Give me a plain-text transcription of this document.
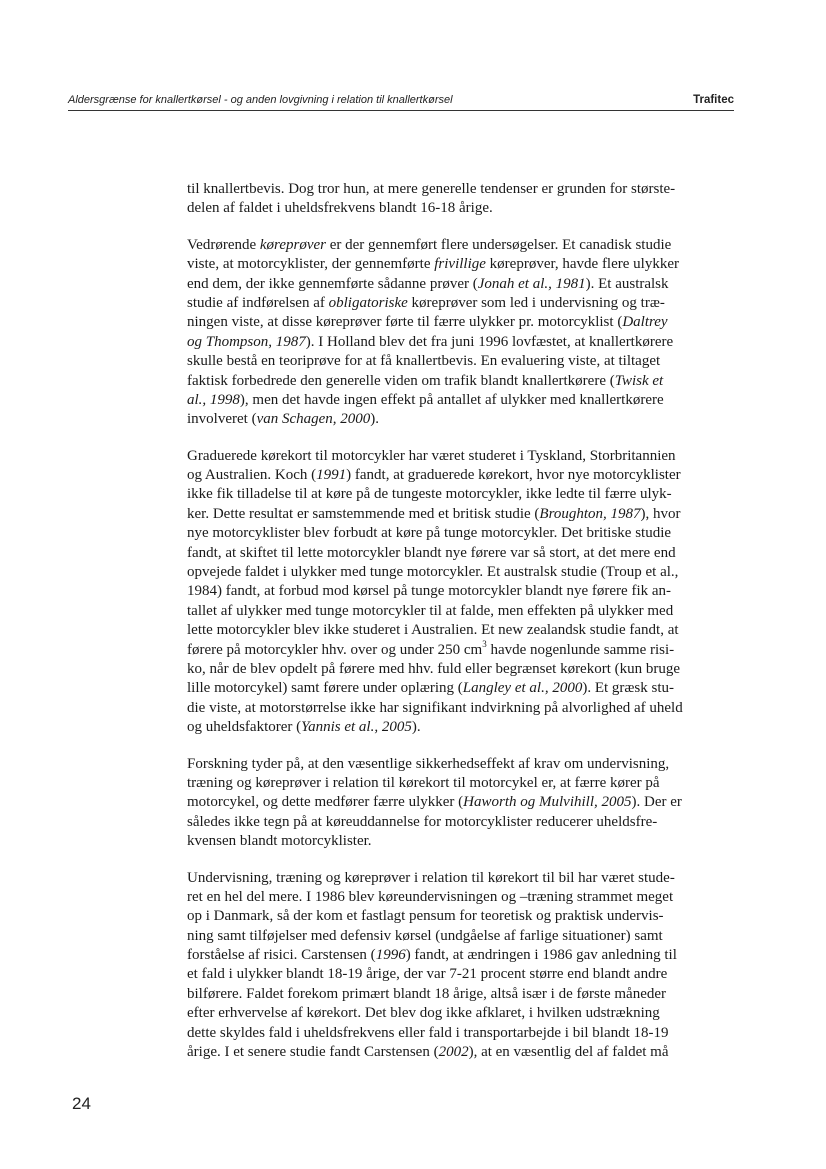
Aldersgrænse for knallertkørsel - og anden lovgivning i relation til knallertkørsel	Trafitec
til knallertbevis. Dog tror hun, at mere generelle tendenser er grunden for største-
delen af faldet i uheldsfrekvens blandt 16-18 årige.
Vedrørende køreprøver er der gennemført flere undersøgelser. Et canadisk studie
viste, at motorcyklister, der gennemførte frivillige køreprøver, havde flere ulykker
end dem, der ikke gennemførte sådanne prøver (Jonah et al., 1981). Et australsk
studie af indførelsen af obligatoriske køreprøver som led i undervisning og træ-
ningen viste, at disse køreprøver førte til færre ulykker pr. motorcyklist (Daltrey
og Thompson, 1987). I Holland blev det fra juni 1996 lovfæstet, at knallertkørere
skulle bestå en teoriprøve for at få knallertbevis. En evaluering viste, at tiltaget
faktisk forbedrede den generelle viden om trafik blandt knallertkørere (Twisk et
al., 1998), men det havde ingen effekt på antallet af ulykker med knallertkørere
involveret (van Schagen, 2000).
Graduerede kørekort til motorcykler har været studeret i Tyskland, Storbritannien
og Australien. Koch (1991) fandt, at graduerede kørekort, hvor nye motorcyklister
ikke fik tilladelse til at køre på de tungeste motorcykler, ikke ledte til færre ulyk-
ker. Dette resultat er samstemmende med et britisk studie (Broughton, 1987), hvor
nye motorcyklister blev forbudt at køre på tunge motorcykler. Det britiske studie
fandt, at skiftet til lette motorcykler blandt nye førere var så stort, at det mere end
opvejede faldet i ulykker med tunge motorcykler. Et australsk studie (Troup et al.,
1984) fandt, at forbud mod kørsel på tunge motorcykler blandt nye førere fik an-
tallet af ulykker med tunge motorcykler til at falde, men effekten på ulykker med
lette motorcykler blev ikke studeret i Australien. Et new zealandsk studie fandt, at
førere på motorcykler hhv. over og under 250 $cm^3$ havde nogenlunde samme risi-
ko, når de blev opdelt på førere med hhv. fuld eller begrænset kørekort (kun bruge
lille motorcykel) samt førere under oplæring (Langley et al., 2000). Et græsk stu-
die viste, at motorstørrelse ikke har signifikant indvirkning på alvorlighed af uheld
og uheldsfaktorer (Yannis et al., 2005).
Forskning tyder på, at den væsentlige sikkerhedseffekt af krav om undervisning,
træning og køreprøver i relation til kørekort til motorcykel er, at færre kører på
motorcykel, og dette medfører færre ulykker (Haworth og Mulvihill, 2005). Der er
således ikke tegn på at køreuddannelse for motorcyklister reducerer uheldsfre-
kvensen blandt motorcyklister.
Undervisning, træning og køreprøver i relation til kørekort til bil har været stude-
ret en hel del mere. I 1986 blev køreundervisningen og –træning strammet meget
op i Danmark, så der kom et fastlagt pensum for teoretisk og praktisk undervis-
ning samt tilføjelser med defensiv kørsel (undgåelse af farlige situationer) samt
forståelse af risici. Carstensen (1996) fandt, at ændringen i 1986 gav anledning til
et fald i ulykker blandt 18-19 årige, der var 7-21 procent større end blandt andre
bilførere. Faldet forekom primært blandt 18 årige, altså især i de første måneder
efter erhvervelse af kørekort. Det blev dog ikke afklaret, i hvilken udstrækning
dette skyldes fald i uheldsfrekvens eller fald i transportarbejde i bil blandt 18-19
årige. I et senere studie fandt Carstensen (2002), at en væsentlig del af faldet må
24
